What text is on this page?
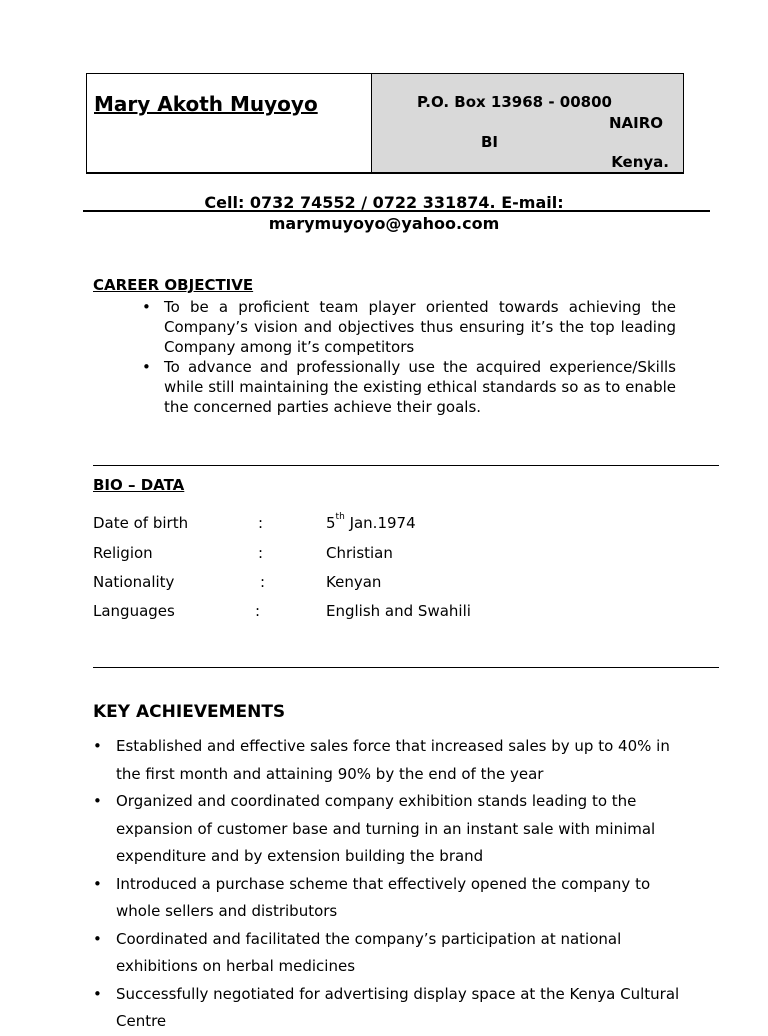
Mary Akoth Muyoyo	P.O. Box 13968 - 00800
NAIRO
BI
Kenya.
Cell: 0732 74552 / 0722 331874. E-mail:
marymuyoyo@yahoo.com
CAREER OBJECTIVE
• To be a proficient team player oriented towards achieving the Company’s vision and objectives thus ensuring it’s the top leading Company among it’s competitors
• To advance and professionally use the acquired experience/Skills while still maintaining the existing ethical standards so as to enable the concerned parties achieve their goals.
BIO – DATA
Date of birth	:	5th Jan.1974
Religion	:	Christian
Nationality	:	Kenyan
Languages	:	English and Swahili
KEY ACHIEVEMENTS
• Established and effective sales force that increased sales by up to 40% in the first month and attaining 90% by the end of the year
• Organized and coordinated company exhibition stands leading to the expansion of customer base and turning in an instant sale with minimal expenditure and by extension building the brand
• Introduced a purchase scheme that effectively opened the company to whole sellers and distributors
• Coordinated and facilitated the company’s participation at national exhibitions on herbal medicines
• Successfully negotiated for advertising display space at the Kenya Cultural Centre
